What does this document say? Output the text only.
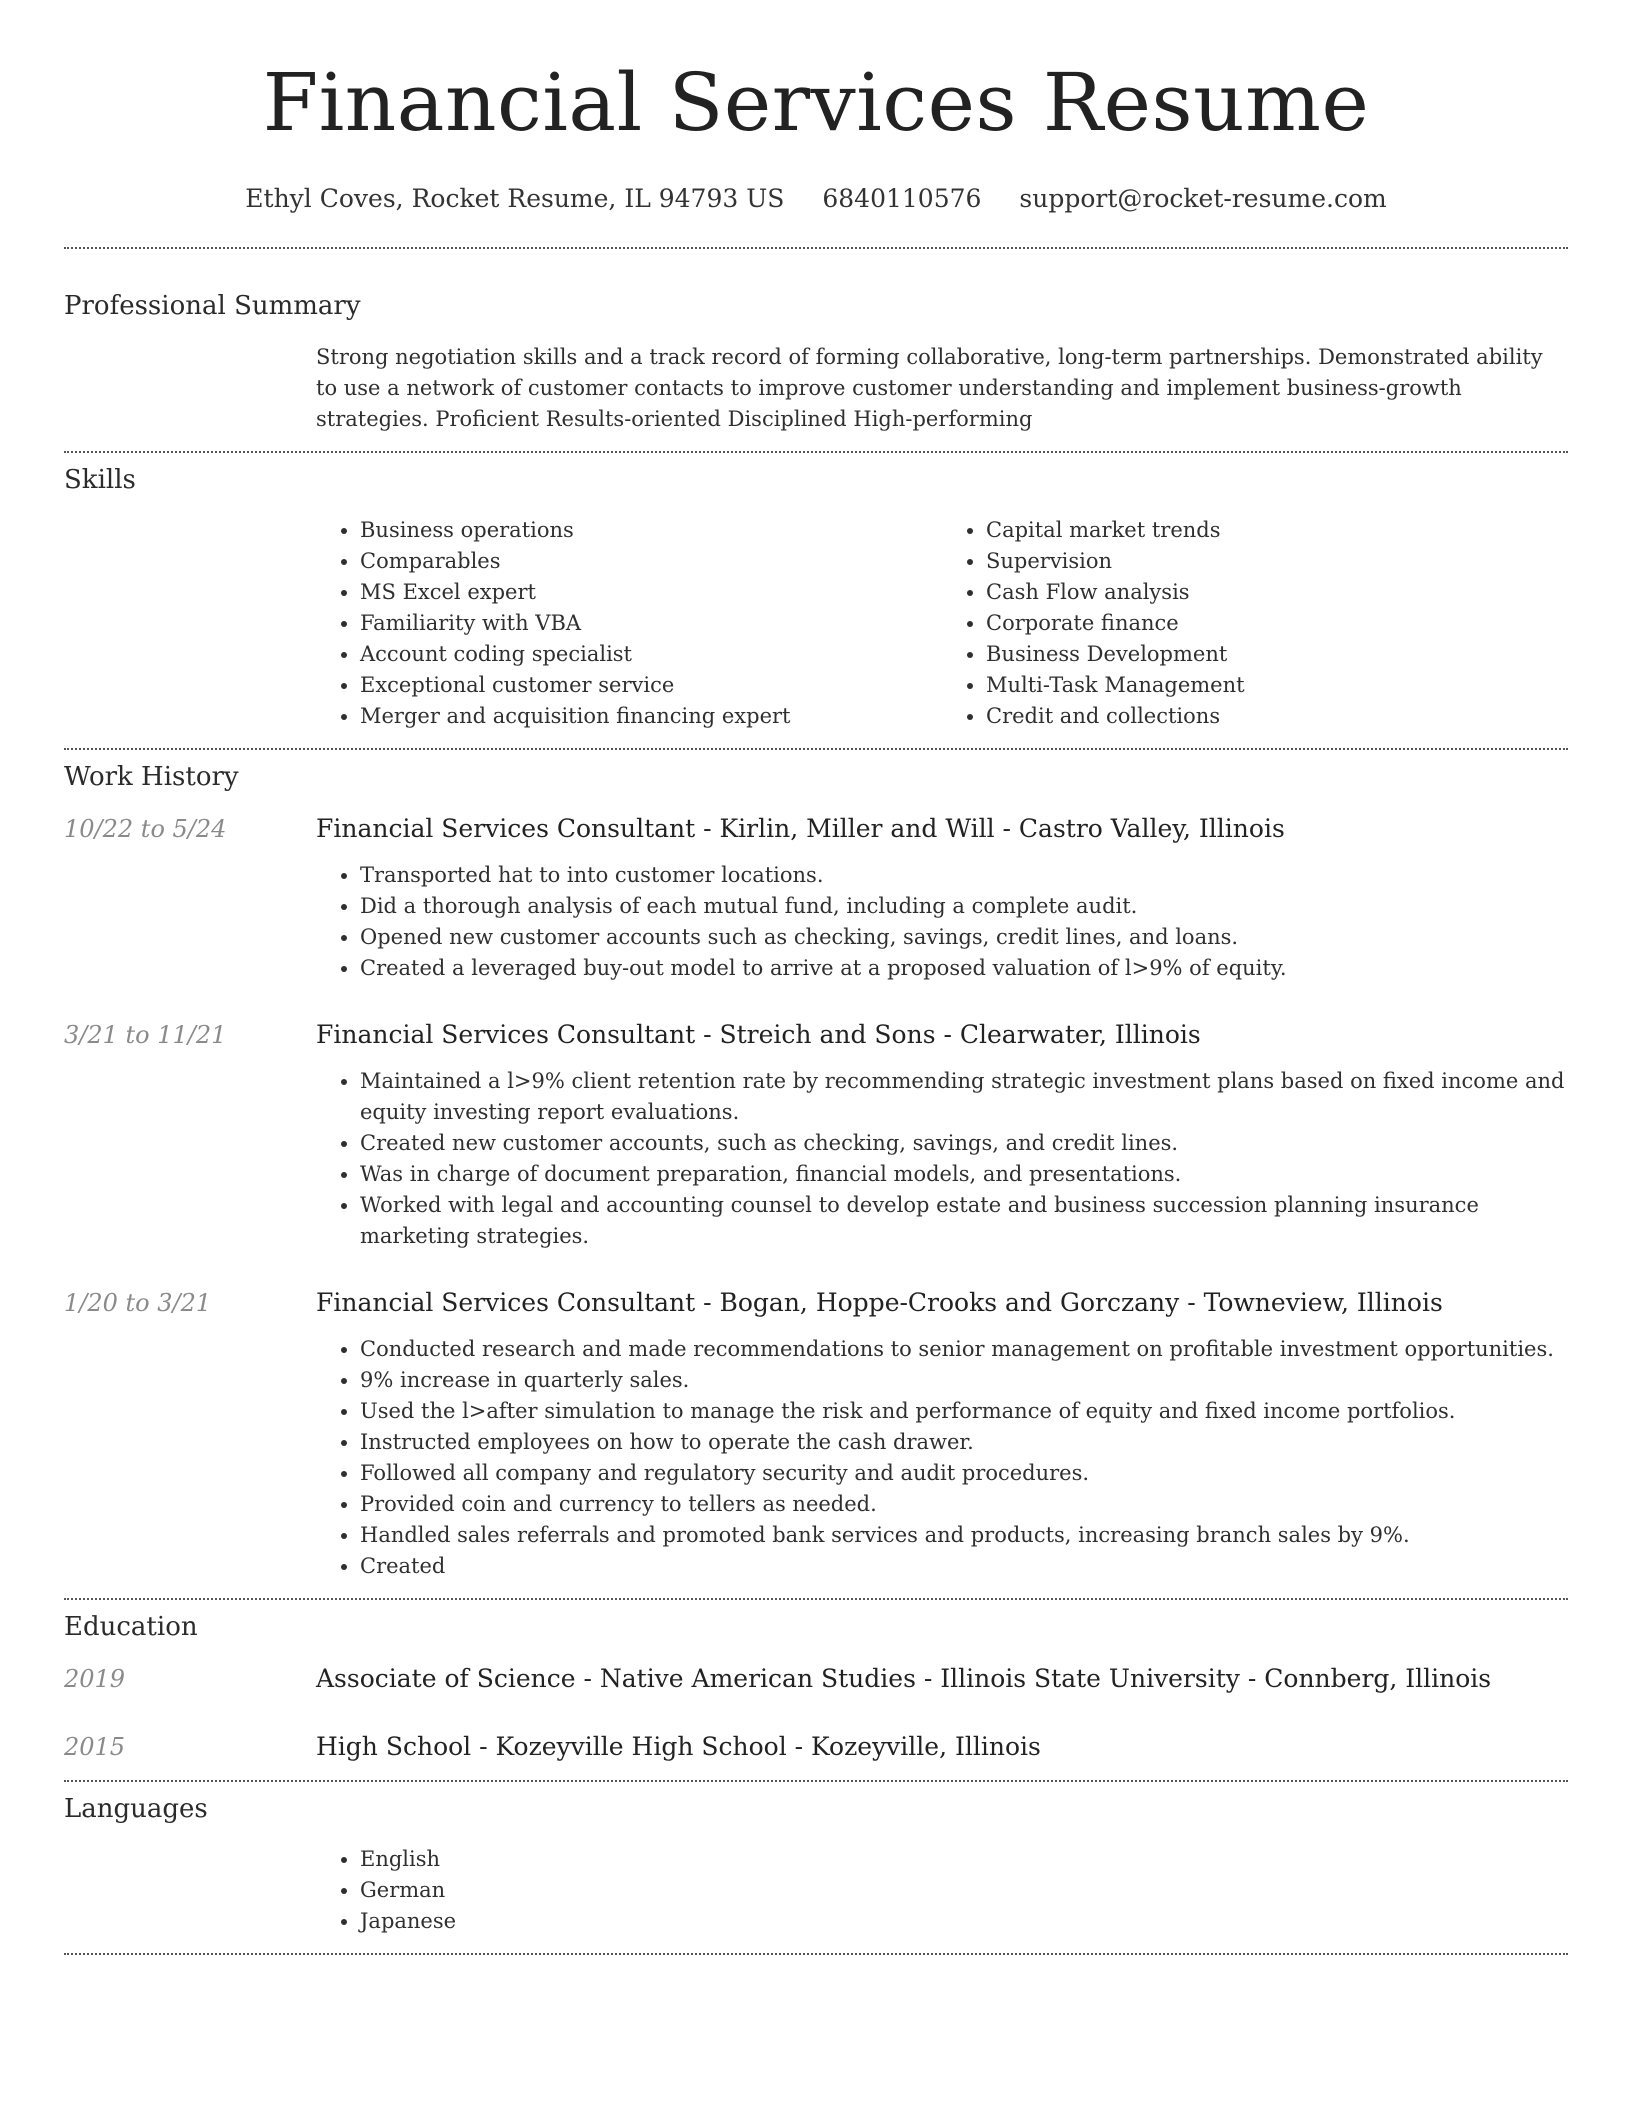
Financial Services Resume
Ethyl Coves, Rocket Resume, IL 94793 US 6840110576 support@rocket-resume.com
Professional Summary
Strong negotiation skills and a track record of forming collaborative, long-term partnerships. Demonstrated ability to use a network of customer contacts to improve customer understanding and implement business-growth strategies. Proficient Results-oriented Disciplined High-performing
Skills
• Business operations
• Comparables
• MS Excel expert
• Familiarity with VBA
• Account coding specialist
• Exceptional customer service
• Merger and acquisition financing expert
• Capital market trends
• Supervision
• Cash Flow analysis
• Corporate finance
• Business Development
• Multi-Task Management
• Credit and collections
Work History
10/22 to 5/24	Financial Services Consultant - Kirlin, Miller and Will - Castro Valley, Illinois
• Transported hat to into customer locations.
• Did a thorough analysis of each mutual fund, including a complete audit.
• Opened new customer accounts such as checking, savings, credit lines, and loans.
• Created a leveraged buy-out model to arrive at a proposed valuation of l>9% of equity.
3/21 to 11/21	Financial Services Consultant - Streich and Sons - Clearwater, Illinois
• Maintained a l>9% client retention rate by recommending strategic investment plans based on fixed income and equity investing report evaluations.
• Created new customer accounts, such as checking, savings, and credit lines.
• Was in charge of document preparation, financial models, and presentations.
• Worked with legal and accounting counsel to develop estate and business succession planning insurance marketing strategies.
1/20 to 3/21	Financial Services Consultant - Bogan, Hoppe-Crooks and Gorczany - Towneview, Illinois
• Conducted research and made recommendations to senior management on profitable investment opportunities.
• 9% increase in quarterly sales.
• Used the l>after simulation to manage the risk and performance of equity and fixed income portfolios.
• Instructed employees on how to operate the cash drawer.
• Followed all company and regulatory security and audit procedures.
• Provided coin and currency to tellers as needed.
• Handled sales referrals and promoted bank services and products, increasing branch sales by 9%.
• Created
Education
2019	Associate of Science - Native American Studies - Illinois State University - Connberg, Illinois
2015	High School - Kozeyville High School - Kozeyville, Illinois
Languages
• English
• German
• Japanese
